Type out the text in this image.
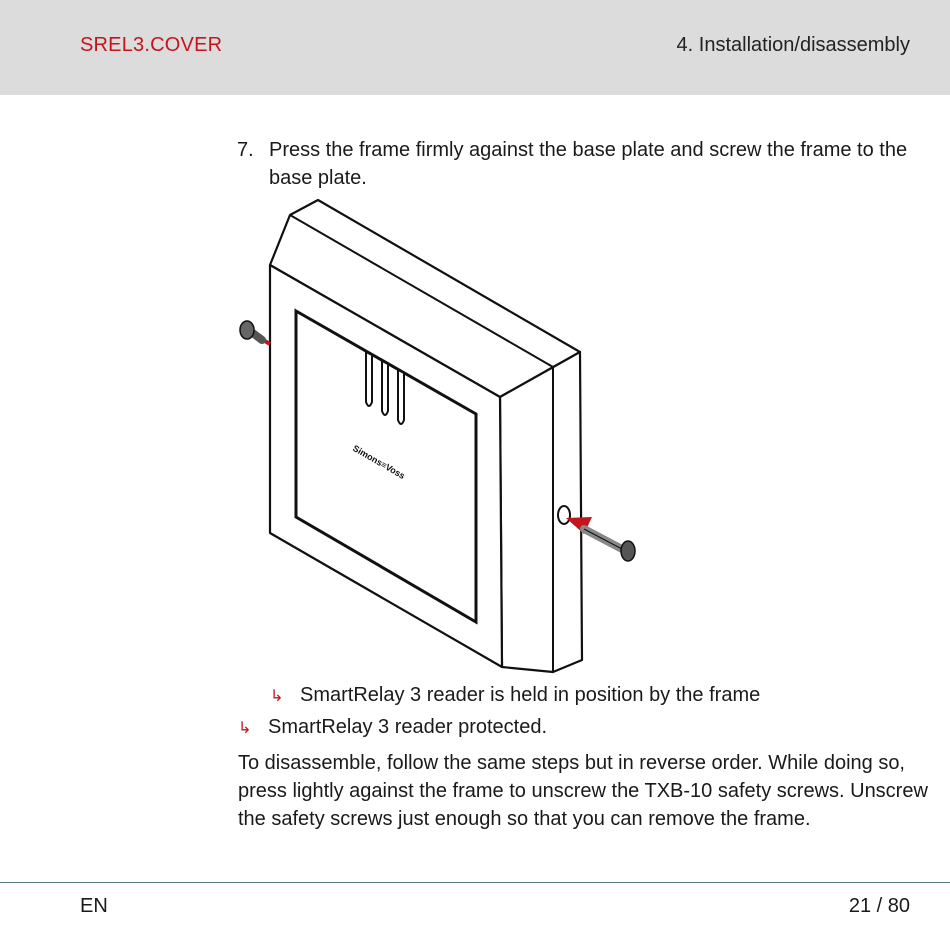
SREL3.COVER	4. Installation/disassembly
7. Press the frame firmly against the base plate and screw the frame to the base plate.
Simons≡Voss
↳ SmartRelay 3 reader is held in position by the frame
↳ SmartRelay 3 reader protected.
To disassemble, follow the same steps but in reverse order. While doing so, press lightly against the frame to unscrew the TXB-10 safety screws. Unscrew the safety screws just enough so that you can remove the frame.
EN	21 / 80
